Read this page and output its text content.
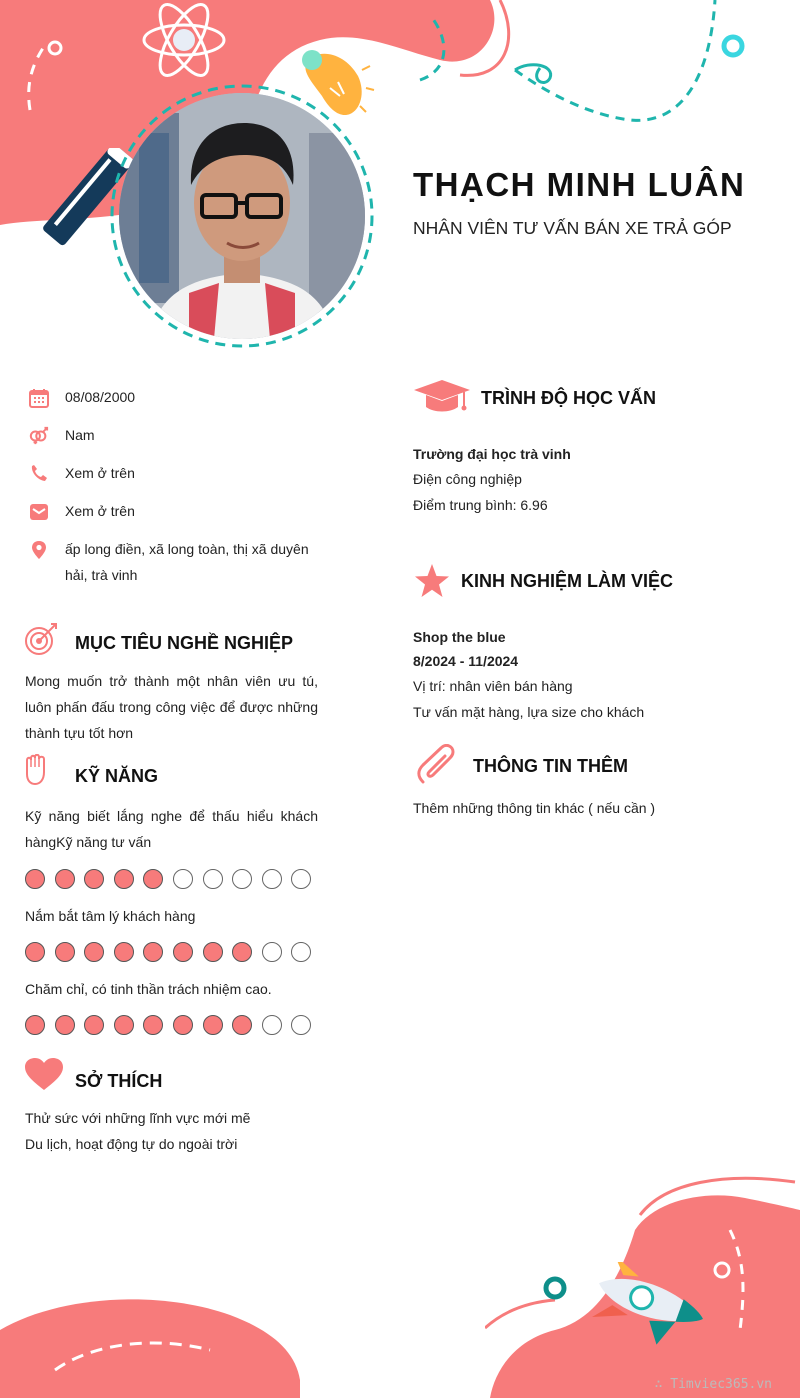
THẠCH MINH LUÂN
NHÂN VIÊN TƯ VẤN BÁN XE TRẢ GÓP
08/08/2000
Nam
Xem ở trên
Xem ở trên
ấp long điền, xã long toàn, thị xã duyên hải, trà vinh
MỤC TIÊU NGHỀ NGHIỆP
Mong muốn trở thành một nhân viên ưu tú, luôn phấn đấu trong công việc để được những thành tựu tốt hơn
KỸ NĂNG
Kỹ năng biết lắng nghe để thấu hiểu khách hàngKỹ năng tư vấn
Nắm bắt tâm lý khách hàng
Chăm chỉ, có tinh thần trách nhiệm cao.
SỞ THÍCH
Thử sức với những lĩnh vực mới mẽ
Du lịch, hoạt động tự do ngoài trời
TRÌNH ĐỘ HỌC VẤN
Trường đại học trà vinh
Điện công nghiệp
Điểm trung bình: 6.96
KINH NGHIỆM LÀM VIỆC
Shop the blue
8/2024 - 11/2024
Vị trí: nhân viên bán hàng
Tư vấn mặt hàng, lựa size cho khách
THÔNG TIN THÊM
Thêm những thông tin khác ( nếu cần )
∴ Timviec365.vn
